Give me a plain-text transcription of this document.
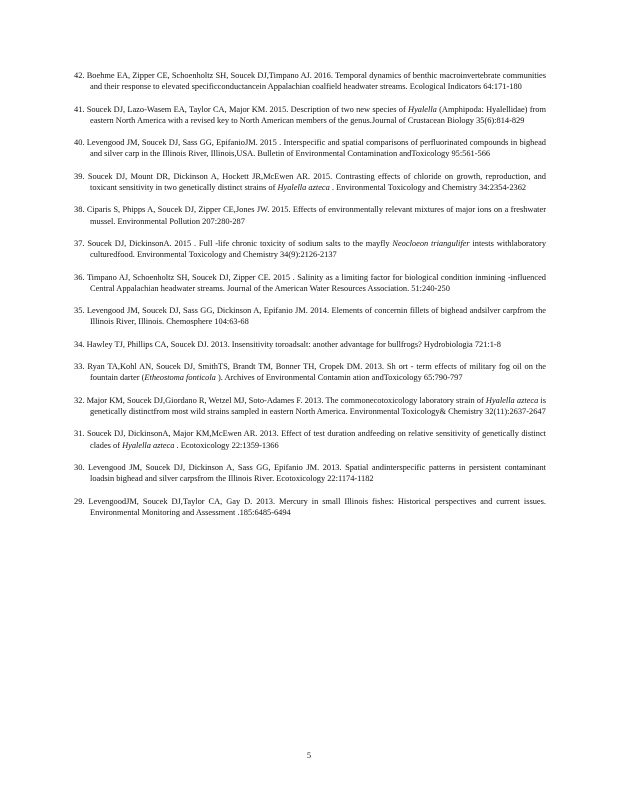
42. Boehme EA, Zipper CE, Schoenholtz SH, Soucek DJ,Timpano AJ. 2016. Temporal dynamics of benthic macroinvertebrate communities and their response to elevated specificconductancein Appalachian coalfield headwater streams. Ecological Indicators 64:171-180

41. Soucek DJ, Lazo-Wasem EA, Taylor CA, Major KM. 2015. Description of two new species of Hyalella (Amphipoda: Hyalellidae) from eastern North America with a revised key to North American members of the genus.Journal of Crustacean Biology 35(6):814-829

40. Levengood JM, Soucek DJ, Sass GG, EpifanioJM. 2015 . Interspecific and spatial comparisons of perfluorinated compounds in bighead and silver carp in the Illinois River, Illinois,USA. Bulletin of Environmental Contamination andToxicology 95:561-566

39. Soucek DJ, Mount DR, Dickinson A, Hockett JR,McEwen AR. 2015. Contrasting effects of chloride on growth, reproduction, and toxicant sensitivity in two genetically distinct strains of Hyalella azteca . Environmental Toxicology and Chemistry 34:2354-2362

38. Ciparis S, Phipps A, Soucek DJ, Zipper CE,Jones JW. 2015. Effects of environmentally relevant mixtures of major ions on a freshwater mussel. Environmental Pollution 207:280-287

37. Soucek DJ, DickinsonA. 2015 . Full -life chronic toxicity of sodium salts to the mayfly Neocloeon triangulifer intests withlaboratory culturedfood. Environmental Toxicology and Chemistry 34(9):2126-2137

36. Timpano AJ, Schoenholtz SH, Soucek DJ, Zipper CE. 2015 . Salinity as a limiting factor for biological condition inmining -influenced Central Appalachian headwater streams. Journal of the American Water Resources Association. 51:240-250

35. Levengood JM, Soucek DJ, Sass GG, Dickinson A, Epifanio JM. 2014. Elements of concernin fillets of bighead andsilver carpfrom the Illinois River, Illinois. Chemosphere 104:63-68

34. Hawley TJ, Phillips CA, Soucek DJ. 2013. Insensitivity toroadsalt: another advantage for bullfrogs? Hydrobiologia 721:1-8

33. Ryan TA,Kohl AN, Soucek DJ, SmithTS, Brandt TM, Bonner TH, Cropek DM. 2013. Sh ort - term effects of military fog oil on the fountain darter (Etheostoma fonticola ). Archives of Environmental Contamin ation andToxicology 65:790-797

32. Major KM, Soucek DJ,Giordano R, Wetzel MJ, Soto-Adames F. 2013. The commonecotoxicology laboratory strain of Hyalella azteca is genetically distinctfrom most wild strains sampled in eastern North America. Environmental Toxicology& Chemistry 32(11):2637-2647

31. Soucek DJ, DickinsonA, Major KM,McEwen AR. 2013. Effect of test duration andfeeding on relative sensitivity of genetically distinct clades of Hyalella azteca . Ecotoxicology 22:1359-1366

30. Levengood JM, Soucek DJ, Dickinson A, Sass GG, Epifanio JM. 2013. Spatial andinterspecific patterns in persistent contaminant loadsin bighead and silver carpsfrom the Illinois River. Ecotoxicology 22:1174-1182

29. LevengoodJM, Soucek DJ,Taylor CA, Gay D. 2013. Mercury in small Illinois fishes: Historical perspectives and current issues. Environmental Monitoring and Assessment .185:6485-6494

5
